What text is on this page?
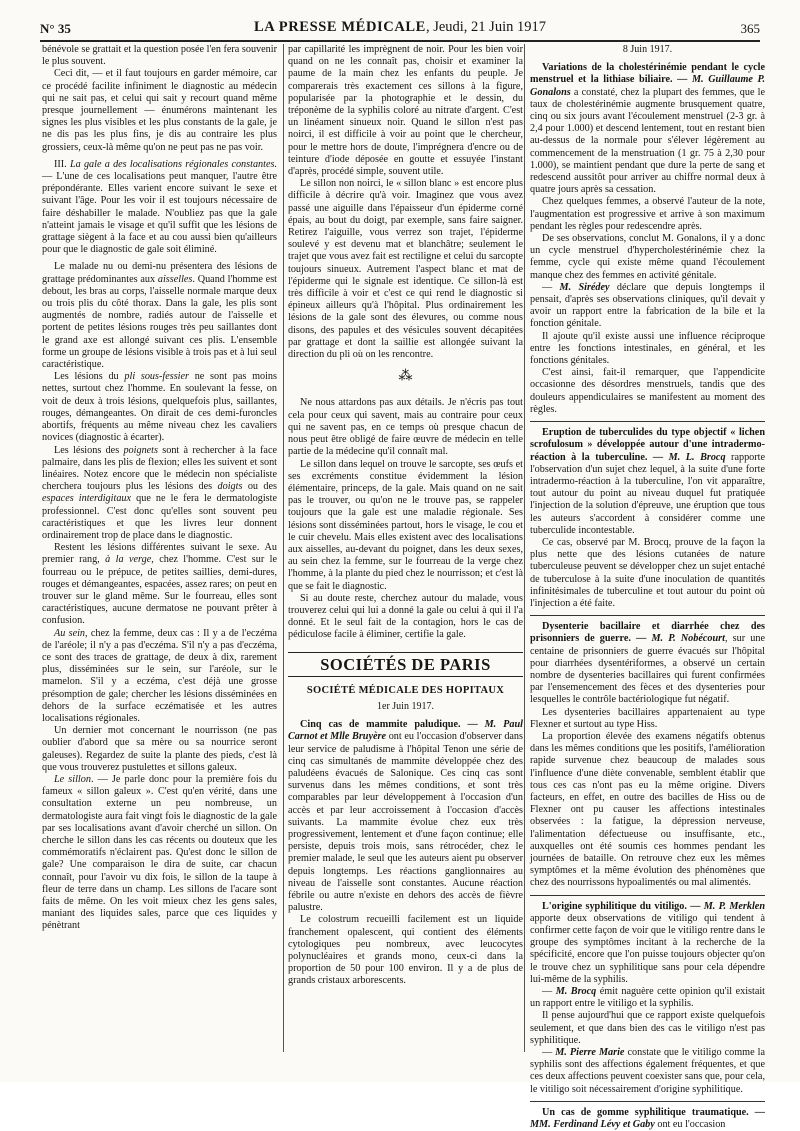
N° 35	LA PRESSE MÉDICALE, Jeudi, 21 Juin 1917	365

bénévole se grattait et la question posée l'en fera souvenir le plus souvent.

Ceci dit, — et il faut toujours en garder mémoire, car ce procédé facilite infiniment le diagnostic au médecin qui ne sait pas, et celui qui sait y recourt quand même presque journellement — énumérons maintenant les signes les plus visibles et les plus constants de la gale, je ne dis pas les plus fins, je dis au contraire les plus grossiers, ceux-là même qu'on ne peut pas ne pas voir.

III. La gale a des localisations régionales constantes. — L'une de ces localisations peut manquer, l'autre être prépondérante. Elles varient encore suivant le sexe et suivant l'âge. Pour les voir il est toujours nécessaire de faire déshabiller le malade. N'oubliez pas que la gale n'atteint jamais le visage et qu'il suffit que les lésions de grattage siègent à la face et au cou aussi bien qu'ailleurs pour que le diagnostic de gale soit éliminé.

Le malade nu ou demi-nu présentera des lésions de grattage prédominantes aux aisselles. Quand l'homme est debout, les bras au corps, l'aisselle normale marque deux ou trois plis du côté thorax. Dans la gale, les plis sont augmentés de nombre, radiés autour de l'aisselle et portent de petites lésions rouges très peu saillantes dont le grand axe est allongé suivant ces plis. L'ensemble forme un groupe de lésions visible à trois pas et à lui seul caractéristique.

Les lésions du pli sous-fessier ne sont pas moins nettes, surtout chez l'homme. En soulevant la fesse, on voit de deux à trois lésions, quelquefois plus, saillantes, rouges, démangeantes. On dirait de ces demi-furoncles abortifs, fréquents au même niveau chez les cavaliers novices (diagnostic à écarter).

Les lésions des poignets sont à rechercher à la face palmaire, dans les plis de flexion; elles les suivent et sont linéaires. Notez encore que le médecin non spécialiste cherchera toujours plus les lésions des doigts ou des espaces interdigitaux que ne le fera le dermatologiste professionnel. C'est donc qu'elles sont souvent peu caractéristiques et que les livres leur donnent ordinairement trop de place dans le diagnostic.

Restent les lésions différentes suivant le sexe. Au premier rang, à la verge, chez l'homme. C'est sur le fourreau ou le prépuce, de petites saillies, demi-dures, rouges et démangeantes, espacées, assez rares; on peut en trouver sur le gland même. Sur le fourreau, elles sont caractéristiques, aucune dermatose ne pouvant prêter à confusion.

Au sein, chez la femme, deux cas : Il y a de l'eczéma de l'aréole; il n'y a pas d'eczéma. S'il n'y a pas d'eczéma, ce sont des traces de grattage, de deux à dix, rarement plus, disséminées sur le sein, sur l'aréole, sur le mamelon. S'il y a eczéma, c'est déjà une grosse présomption de gale; chercher les lésions disséminées en dehors de la surface eczématisée et les autres localisations régionales.

Un dernier mot concernant le nourrisson (ne pas oublier d'abord que sa mère ou sa nourrice seront galeuses). Regardez de suite la plante des pieds, c'est là que vous trouverez pustulettes et sillons galeux.

Le sillon. — Je parle donc pour la première fois du fameux « sillon galeux ». C'est qu'en vérité, dans une consultation externe un peu nombreuse, un dermatologiste aura fait vingt fois le diagnostic de la gale par ses localisations avant d'avoir cherché un sillon. On cherche le sillon dans les cas récents ou douteux que les commémoratifs n'éclairent pas. Qu'est donc le sillon de gale? Une comparaison le dira de suite, car chacun connaît, pour l'avoir vu dix fois, le sillon de la taupe à fleur de terre dans un champ. Les sillons de l'acare sont faits de même. On les voit mieux chez les gens sales, maniant des liquides sales, parce que ces liquides y pénètrant

par capillarité les imprègnent de noir. Pour les bien voir quand on ne les connaît pas, choisir et examiner la paume de la main chez les enfants du peuple. Je comparerais très exactement ces sillons à la figure, popularisée par la photographie et le dessin, du tréponème de la syphilis coloré au nitrate d'argent. C'est un linéament sinueux noir. Quand le sillon n'est pas noirci, il est difficile à voir au point que le chercheur, pour le mettre hors de doute, l'imprégnera d'encre ou de teinture d'iode déposée en goutte et essuyée l'instant d'après, procédé simple, souvent utile.

Le sillon non noirci, le « sillon blanc » est encore plus difficile à décrire qu'à voir. Imaginez que vous avez passé une aiguille dans l'épaisseur d'un épiderme corné épais, au bout du doigt, par exemple, sans faire saigner. Retirez l'aiguille, vous verrez son trajet, l'épiderme soulevé y est devenu mat et blanchâtre; seulement le trajet que vous avez fait est rectiligne et celui du sarcopte toujours sinueux. Autrement l'aspect blanc et mat de l'épiderme qui le signale est identique. Ce sillon-là est très difficile à voir et c'est ce qui rend le diagnostic si épineux ailleurs qu'à l'hôpital. Plus ordinairement les lésions de la gale sont des élevures, ou comme nous disons, des papules et des vésicules souvent décapitées par grattage et dont la saillie est allongée suivant la direction du pli où on les rencontre.

⁂

Ne nous attardons pas aux détails. Je n'écris pas tout cela pour ceux qui savent, mais au contraire pour ceux qui ne savent pas, en ce temps où presque chacun de nous peut être obligé de faire œuvre de médecin en telle partie de la médecine qu'il connaît mal.

Le sillon dans lequel on trouve le sarcopte, ses œufs et ses excréments constitue évidemment la lésion élémentaire, princeps, de la gale. Mais quand on ne sait pas le trouver, ou qu'on ne le trouve pas, se rappeler toujours que la gale est une maladie régionale. Ses lésions sont disséminées partout, hors le visage, le cou et le cuir chevelu. Mais elles existent avec des localisations aux aisselles, au-devant du poignet, dans les deux sexes, au sein chez la femme, sur le fourreau de la verge chez l'homme, à la plante du pied chez le nourrisson; et c'est là que se fait le diagnostic.

Si au doute reste, cherchez autour du malade, vous trouverez celui qui lui a donné la gale ou celui à qui il l'a donné. Et le seul fait de la contagion, hors le cas de pédiculose facile à éliminer, certifie la gale.

SOCIÉTÉS DE PARIS
SOCIÉTÉ MÉDICALE DES HOPITAUX
1er Juin 1917.

Cinq cas de mammite paludique. — M. Paul Carnot et Mlle Bruyère ont eu l'occasion d'observer dans leur service de paludisme à l'hôpital Tenon une série de cinq cas simultanés de mammite développée chez des paludéens évacués de Salonique. Ces cinq cas sont survenus dans les mêmes conditions, et sont très comparables par leur développement à l'occasion d'un accès et par leur accroissement à l'occasion d'accès suivants. La mammite évolue chez eux très progressivement, lentement et d'une façon continue; elle persiste, depuis trois mois, sans rétrocéder, chez le premier malade, le seul que les auteurs aient pu observer depuis longtemps. Les réactions ganglionnaires au niveau de l'aisselle sont constantes. Aucune réaction fébrile ou autre n'existe en dehors des accès de fièvre palustre.

Le colostrum recueilli facilement est un liquide franchement opalescent, qui contient des éléments cytologiques peu nombreux, avec leucocytes polynucléaires et grands mono, ceux-ci dans la proportion de 50 pour 100 environ. Il y a de plus de grands cristaux arborescents.

8 Juin 1917.

Variations de la cholestérinémie pendant le cycle menstruel et la lithiase biliaire. — M. Guillaume P. Gonalons a constaté, chez la plupart des femmes, que le taux de cholestérinémie augmente brusquement quatre, cinq ou six jours avant l'écoulement menstruel (2-3 gr. à 2,4 pour 1.000) et descend lentement, tout en restant bien au-dessus de la normale pour s'élever légèrement au commencement de la menstruation (1 gr. 75 à 2,30 pour 1.000), se maintient pendant que dure la perte de sang et redescend aussitôt pour arriver au chiffre normal deux à quatre jours après sa cessation.

Chez quelques femmes, a observé l'auteur de la note, l'augmentation est progressive et arrive à son maximum pendant les règles pour redescendre après.

De ses observations, conclut M. Gonalons, il y a donc un cycle menstruel d'hypercholestérinémie chez la femme, cycle qui existe même quand l'écoulement manque chez des femmes en activité génitale.

— M. Sirédey déclare que depuis longtemps il pensait, d'après ses observations cliniques, qu'il devait y avoir un rapport entre la fabrication de la bile et la fonction génitale.

Il ajoute qu'il existe aussi une influence réciproque entre les fonctions intestinales, en général, et les fonctions génitales.

C'est ainsi, fait-il remarquer, que l'appendicite occasionne des désordres menstruels, tandis que des douleurs appendiculaires se manifestent au moment des règles.

Eruption de tuberculides du type objectif « lichen scrofulosum » développée autour d'une intradermo-réaction à la tuberculine. — M. L. Brocq rapporte l'observation d'un sujet chez lequel, à la suite d'une forte intradermo-réaction à la tuberculine, l'on vit apparaître, tout autour du point au niveau duquel fut pratiquée l'injection de la solution d'épreuve, une éruption que tous les auteurs s'accordent à considérer comme une tuberculide incontestable.

Ce cas, observé par M. Brocq, prouve de la façon la plus nette que des lésions cutanées de nature tuberculeuse peuvent se développer chez un sujet entaché de tuberculose à la suite d'une inoculation de quantités infinitésimales de tuberculine et tout autour du point où l'injection a été faite.

Dysenterie bacillaire et diarrhée chez des prisonniers de guerre. — M. P. Nobécourt, sur une centaine de prisonniers de guerre évacués sur l'hôpital pour diarrhées dysentériformes, a observé un certain nombre de dysenteries bacillaires qui furent confirmées par l'ensemencement des fèces et des dysenteries pour lesquelles le contrôle bactériologique fut négatif.

Les dysenteries bacillaires appartenaient au type Flexner et surtout au type Hiss.

La proportion élevée des examens négatifs obtenus dans les mêmes conditions que les positifs, l'amélioration rapide survenue chez beaucoup de malades sous l'influence d'une diète convenable, semblent établir que tous ces cas n'ont pas eu la même origine. Divers facteurs, en effet, en outre des bacilles de Hiss ou de Flexner ont pu causer les affections intestinales observées : la fatigue, la dépression nerveuse, l'alimentation défectueuse ou insuffisante, etc., auxquelles ont été soumis ces hommes pendant les journées de bataille. On retrouve chez eux les mêmes symptômes et la même évolution des phénomènes que chez des nourrissons hypoalimentés ou mal alimentés.

L'origine syphilitique du vitiligo. — M. P. Merklen apporte deux observations de vitiligo qui tendent à confirmer cette façon de voir que le vitiligo rentre dans le groupe des symptômes incitant à la recherche de la spécificité, encore que l'on puisse toujours objecter qu'on le trouve chez un syphilitique sans pour cela dépendre lui-même de la syphilis.

— M. Brocq émit naguère cette opinion qu'il existait un rapport entre le vitiligo et la syphilis.

Il pense aujourd'hui que ce rapport existe quelquefois seulement, et que dans bien des cas le vitiligo n'est pas syphilitique.

— M. Pierre Marie constate que le vitiligo comme la syphilis sont des affections également fréquentes, et que ces deux affections peuvent coexister sans que, pour cela, le vitiligo soit nécessairement d'origine syphilitique.

Un cas de gomme syphilitique traumatique. — MM. Ferdinand Lévy et Gaby ont eu l'occasion
